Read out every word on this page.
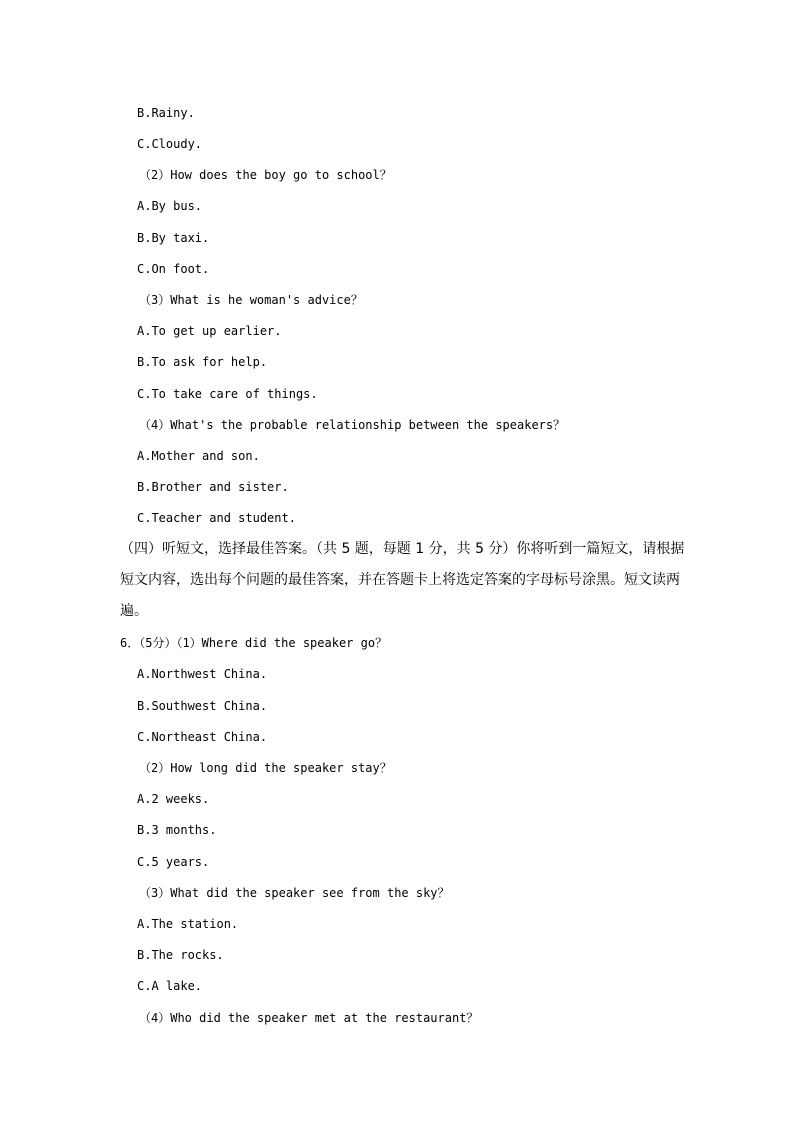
B.Rainy.
C.Cloudy.
（2）How does the boy go to school？
A.By bus.
B.By taxi.
C.On foot.
（3）What is he woman's advice？
A.To get up earlier.
B.To ask for help.
C.To take care of things.
（4）What's the probable relationship between the speakers？
A.Mother and son.
B.Brother and sister.
C.Teacher and student.
（四）听短文，选择最佳答案。（共 5 题，每题 1 分，共 5 分）你将听到一篇短文，请根据
短文内容，选出每个问题的最佳答案，并在答题卡上将选定答案的字母标号涂黑。短文读两
遍。
6．（5分）（1）Where did the speaker go？
A.Northwest China.
B.Southwest China.
C.Northeast China.
（2）How long did the speaker stay？
A.2 weeks.
B.3 months.
C.5 years.
（3）What did the speaker see from the sky？
A.The station.
B.The rocks.
C.A lake.
（4）Who did the speaker met at the restaurant？
